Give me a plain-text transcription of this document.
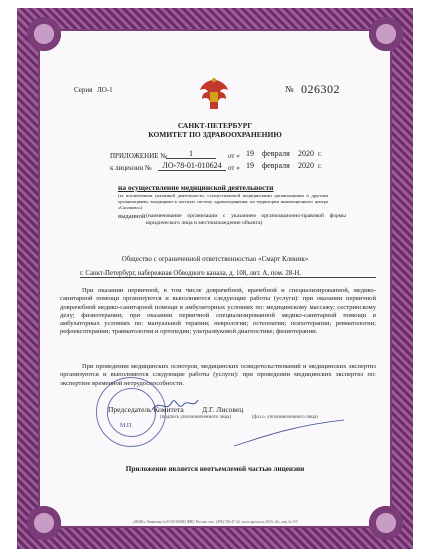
Серия ЛО-1	№ 026302
САНКТ-ПЕТЕРБУРГ
КОМИТЕТ ПО ЗДРАВООХРАНЕНИЮ
ПРИЛОЖЕНИЕ №	1	от « 19 февраля 2020 г.
к лицензии №	ЛО-78-01-010624 от « 19 февраля 2020 г.
на осуществление медицинской деятельности
(за исключением указанной деятельности, осуществляемой медицинскими организациями и другими организациями, входящими в частную систему здравоохранения, на территории инновационного центра «Сколково»)
выданной (наименование организации с указанием организационно-правовой формы юридического лица и местонахождение объекта)
Общество с ограниченной ответственностью «Смарт Клиник»
г. Санкт-Петербург, набережная Обводного канала, д. 108, лит. А, пом. 28-Н.
При оказании первичной, в том числе доврачебной, врачебной и специализированной, медико-санитарной помощи организуются и выполняются следующие работы (услуги): при оказании первичной доврачебной медико-санитарной помощи в амбулаторных условиях по: медицинскому массажу; сестринскому делу; физиотерапии; при оказании первичной специализированной медико-санитарной помощи в амбулаторных условиях по: мануальной терапии; неврологии; остеопатии; психотерапии; ревматологии; рефлексотерапии; травматологии и ортопедии; ультразвуковой диагностике; физиотерапии.
При проведении медицинских осмотров, медицинских освидетельствований и медицинских экспертиз организуются и выполняются следующие работы (услуги): при проведении медицинских экспертиз по: экспертизе временной нетрудоспособности.
М.П.
Председатель Комитета Д.Г. Лисовец
(подпись уполномоченного лица)	(ф.и.о. уполномоченного лица)
Приложение является неотъемлемой частью лицензии
«ЗНАК» Лицензия № 05-05-09/003 ФНС России, тел.: (495) 726-47-42, www.opcion.ru, 2019, «Б», зак. № 5-0
